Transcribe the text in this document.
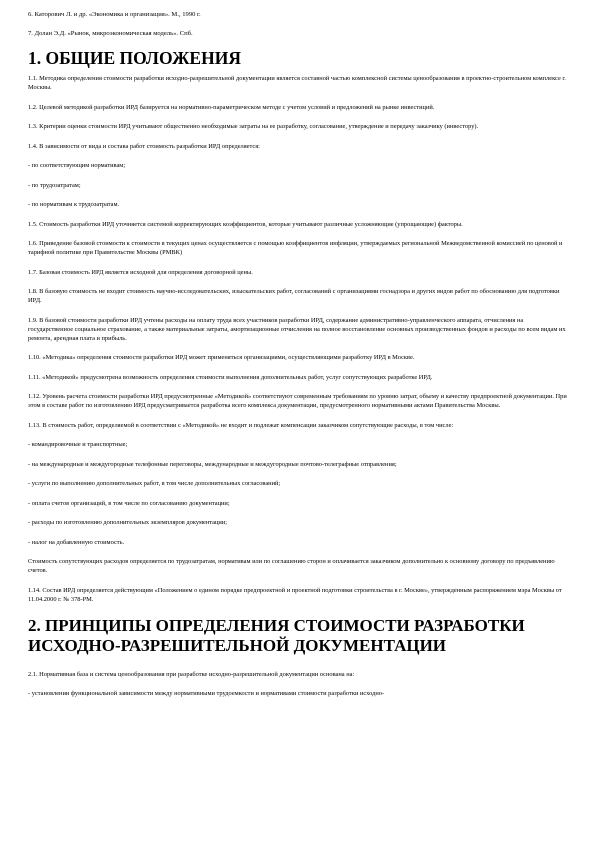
6. Каторович Л. и др. «Экономика и организация». М., 1990 г.

7. Долан Э.Д. «Рынок, микроэкономическая модель». Спб.

1. ОБЩИЕ ПОЛОЖЕНИЯ

1.1. Методика определения стоимости разработки исходно-разрешительной документации является составной частью комплексной системы ценообразования в проектно-строительном комплексе г. Москвы.

1.2. Целевой методикой разработки ИРД базируется на нормативно-параметрическом методе с учетом условий и предложений на рынке инвестиций.

1.3. Критерии оценки стоимости ИРД учитывают общественно необходимые затраты на ее разработку, согласование, утверждение и передачу заказчику (инвестору).

1.4. В зависимости от вида и состава работ стоимость разработки ИРД определяется:

- по соответствующим нормативам;

- по трудозатратам;

- по нормативам к трудозатратам.

1.5. Стоимость разработки ИРД уточняется системой корректирующих коэффициентов, которые учитывают различные усложняющие (упрощающие) факторы.

1.6. Приведение базовой стоимости к стоимости в текущих ценах осуществляется с помощью коэффициентов инфляции, утверждаемых региональной Межведомственной комиссией по ценовой и тарифной политике при Правительстве Москвы (РМВК)

1.7. Базовая стоимость ИРД является исходной для определения договорной цены.

1.8. В базовую стоимость не входит стоимость научно-исследовательских, изыскательских работ, согласований с организациями госнадзора и других видов работ по обоснованию для подготовки ИРД.

1.9. В базовой стоимости разработки ИРД учтены расходы на оплату труда всех участников разработки ИРД, содержание административно-управленческого аппарата, отчисления на государственное социальное страхование, а также материальные затраты, амортизационные отчисления на полное восстановление основных производственных фондов и расходы по всем видам их ремонта, арендная плата и прибыль.

1.10. «Методика» определения стоимости разработки ИРД может применяться организациями, осуществляющими разработку ИРД в Москве.

1.11. «Методикой» предусмотрена возможность определения стоимости выполнения дополнительных работ, услуг сопутствующих разработке ИРД.

1.12. Уровень расчета стоимости разработки ИРД предусмотренные «Методикой» соответствуют современным требованиям по уровню затрат, объему и качеству предпроектной документации. При этом в составе работ по изготовлению ИРД предусматривается разработка всего комплекса документации, предусмотренного нормативными актами Правительства Москвы.

1.13. В стоимость работ, определяемой в соответствии с «Методикой» не входит и подлежат компенсации заказчиком сопутствующие расходы, в том числе:

- командировочные и транспортные;

- на международные и междугородные телефонные переговоры, международные и междугородные почтово-телеграфные отправления;

- услуги по выполнению дополнительных работ, в том числе дополнительных согласований;

- оплата счетов организаций, в том числе по согласованию документации;

- расходы по изготовлению дополнительных экземпляров документации;

- налог на добавленную стоимость.

Стоимость сопутствующих расходов определяется по трудозатратам, нормативам или по соглашению сторон и оплачивается заказчиком дополнительно к основному договору по предъявлению счетов.

1.14. Состав ИРД определяется действующим «Положением о едином порядке предпроектной и проектной подготовки строительства в г. Москве», утвержденным распоряжением мэра Москвы от 11.04.2000 г. № 378-РМ.

2. ПРИНЦИПЫ ОПРЕДЕЛЕНИЯ СТОИМОСТИ РАЗРАБОТКИ ИСХОДНО-РАЗРЕШИТЕЛЬНОЙ ДОКУМЕНТАЦИИ

2.1. Нормативная база и система ценообразования при разработке исходно-разрешительной документации основана на:

- установлении функциональной зависимости между нормативными трудоемкости и нормативами стоимости разработки исходно-
